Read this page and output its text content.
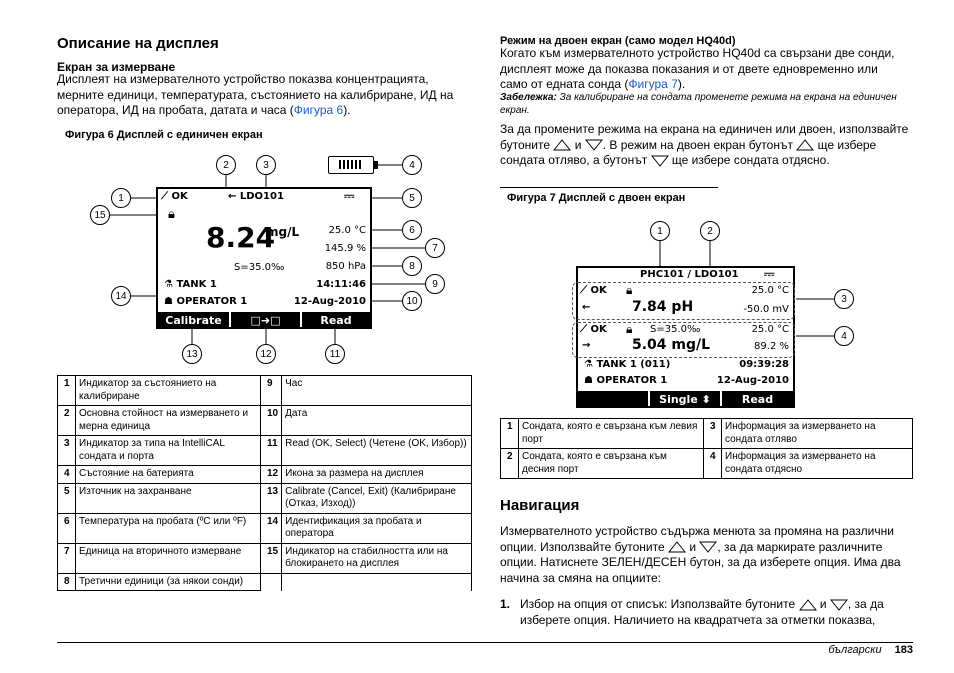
Описание на дисплея
Екран за измерване
Дисплеят на измервателното устройство показва концентрацията, мерните единици, температурата, състоянието на калибриране, ИД на оператора, ИД на пробата, датата и часа (Фигура 6).
Фигура 6 Дисплей с единичен екран
⟋ OK
🔒︎
← LDO101	⎓
8.24
mg/L
S=35.0‰
25.0 °C
145.9 %
850 hPa
⚗ TANK 1	14:11:46
☗ OPERATOR 1	12-Aug-2010
Calibrate	□➜□	Read
1
2	3	4
5
6
7
8
9
10
11
12
13
14
15
1	Индикатор за състоянието на калибриране	9	Час
2	Основна стойност на измерването и мерна единица	10	Дата
3	Индикатор за типа на IntelliCAL сондата и порта	11	Read (OK, Select) (Четене (OK, Избор))
4	Състояние на батерията	12	Икона за размера на дисплея
5	Източник на захранване	13	Calibrate (Cancel, Exit) (Калибриране (Отказ, Изход))
6	Температура на пробата (ºC или ºF)	14	Идентификация за пробата и оператора
7	Единица на вторичното измерване	15	Индикатор на стабилността или на блокирането на дисплея
8	Третични единици (за някои сонди)		
Режим на двоен екран (само модел HQ40d)
Когато към измервателното устройство HQ40d са свързани две сонди, дисплеят може да показва показания и от двете едновременно или само от едната сонда (Фигура 7).
Забележка: За калибриране на сондата променете режима на екрана на единичен екран.
За да промените режима на екрана на единичен или двоен, използвайте бутоните и . В режим на двоен екран бутонът ще избере сондата отляво, а бутонът ще избере сондата отдясно.
Фигура 7 Дисплей с двоен екран
PHC101 / LDO101 ⎓
⟋ OK 🔒︎	25.0 °C
←	7.84 pH	-50.0 mV
⟋ OK 🔒︎ S=35.0‰	25.0 °C
→	5.04 mg/L	89.2 %
⚗ TANK 1 (011)	09:39:28
☗ OPERATOR 1	12-Aug-2010
Single ⬍	Read
1	2
3
4
1	Сондата, която е свързана към левия порт	3	Информация за измерването на сондата отляво
2	Сондата, която е свързана към десния порт	4	Информация за измерването на сондата отдясно
Навигация
Измервателното устройство съдържа менюта за промяна на различни опции. Използвайте бутоните и , за да маркирате различните опции. Натиснете ЗЕЛЕН/ДЕСЕН бутон, за да изберете опция. Има два начина за смяна на опциите:
1. Избор на опция от списък: Използвайте бутоните и , за да изберете опция. Наличието на квадратчета за отметки показва,
български 183
